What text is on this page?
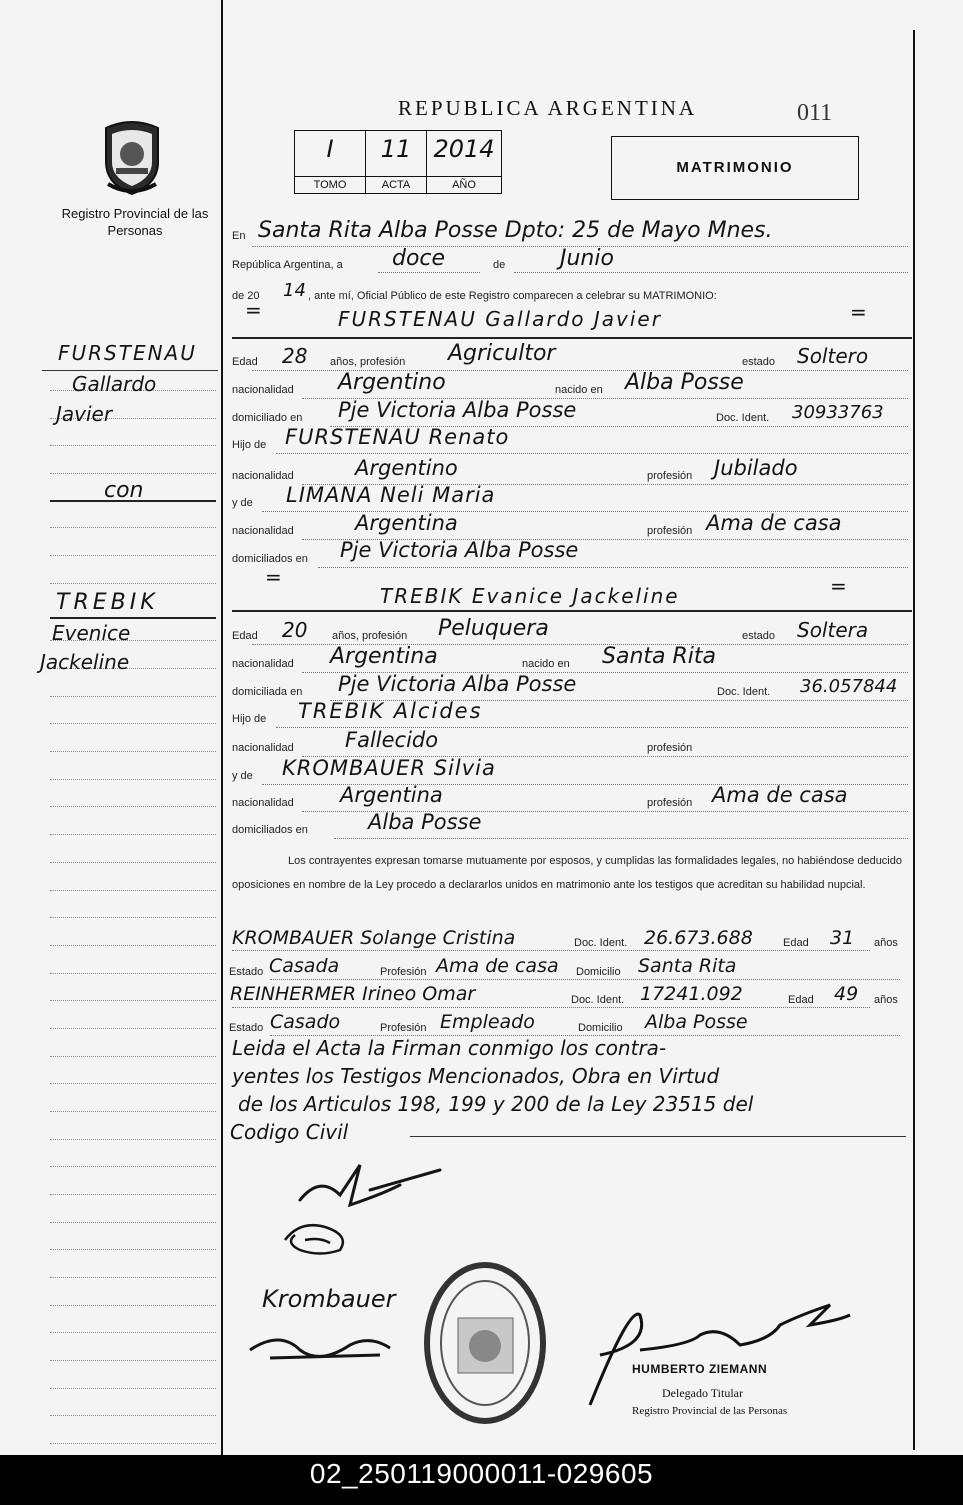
Registro Provincial de las Personas
REPUBLICA ARGENTINA	011
I
TOMO
11
ACTA
2014
AÑO
MATRIMONIO
FURSTENAU
Gallardo
Javier
con
TREBIK
Evenice
Jackeline
En Santa Rita Alba Posse Dpto: 25 de Mayo Mnes.
República Argentina, a doce	de Junio
de 20 14 , ante mí, Oficial Público de este Registro comparecen a celebrar su MATRIMONIO:
=	FURSTENAU Gallardo Javier	=
Edad 28 años, profesión Agricultor	estado Soltero
nacionalidad Argentino	nacido en Alba Posse
domiciliado en Pje Victoria Alba Posse	Doc. Ident. 30933763
Hijo de FURSTENAU Renato
nacionalidad	Argentino	profesión Jubilado
y de LIMANA Neli Maria
nacionalidad	Argentina	profesión Ama de casa
domiciliados en Pje Victoria Alba Posse
=
TREBIK Evanice Jackeline	=
Edad 20 años, profesión Peluquera	estado Soltera
nacionalidad Argentina	nacido en Santa Rita
domiciliada en Pje Victoria Alba Posse	Doc. Ident. 36.057844
Hijo de TREBIK Alcides
nacionalidad Fallecido	profesión
y de KROMBAUER Silvia
nacionalidad Argentina	profesión Ama de casa
domiciliados en	Alba Posse
Los contrayentes expresan tomarse mutuamente por esposos, y cumplidas las formalidades legales, no habiéndose deducido oposiciones en nombre de la Ley procedo a declararlos unidos en matrimonio ante los testigos que acreditan su habilidad nupcial.
KROMBAUER Solange Cristina	Doc. Ident. 26.673.688	Edad 31 años
Estado Casada	Profesión Ama de casa Domicilio Santa Rita
REINHERMER Irineo Omar	Doc. Ident. 17241.092	Edad 49 años
Estado Casado	Profesión Empleado	Domicilio Alba Posse
Leida el Acta la Firman conmigo los contra-
yentes los Testigos Mencionados, Obra en Virtud
de los Articulos 198, 199 y 200 de la Ley 23515 del
Codigo Civil
Krombauer
HUMBERTO ZIEMANN
Delegado Titular
Registro Provincial de las Personas
02_250119000011-029605
